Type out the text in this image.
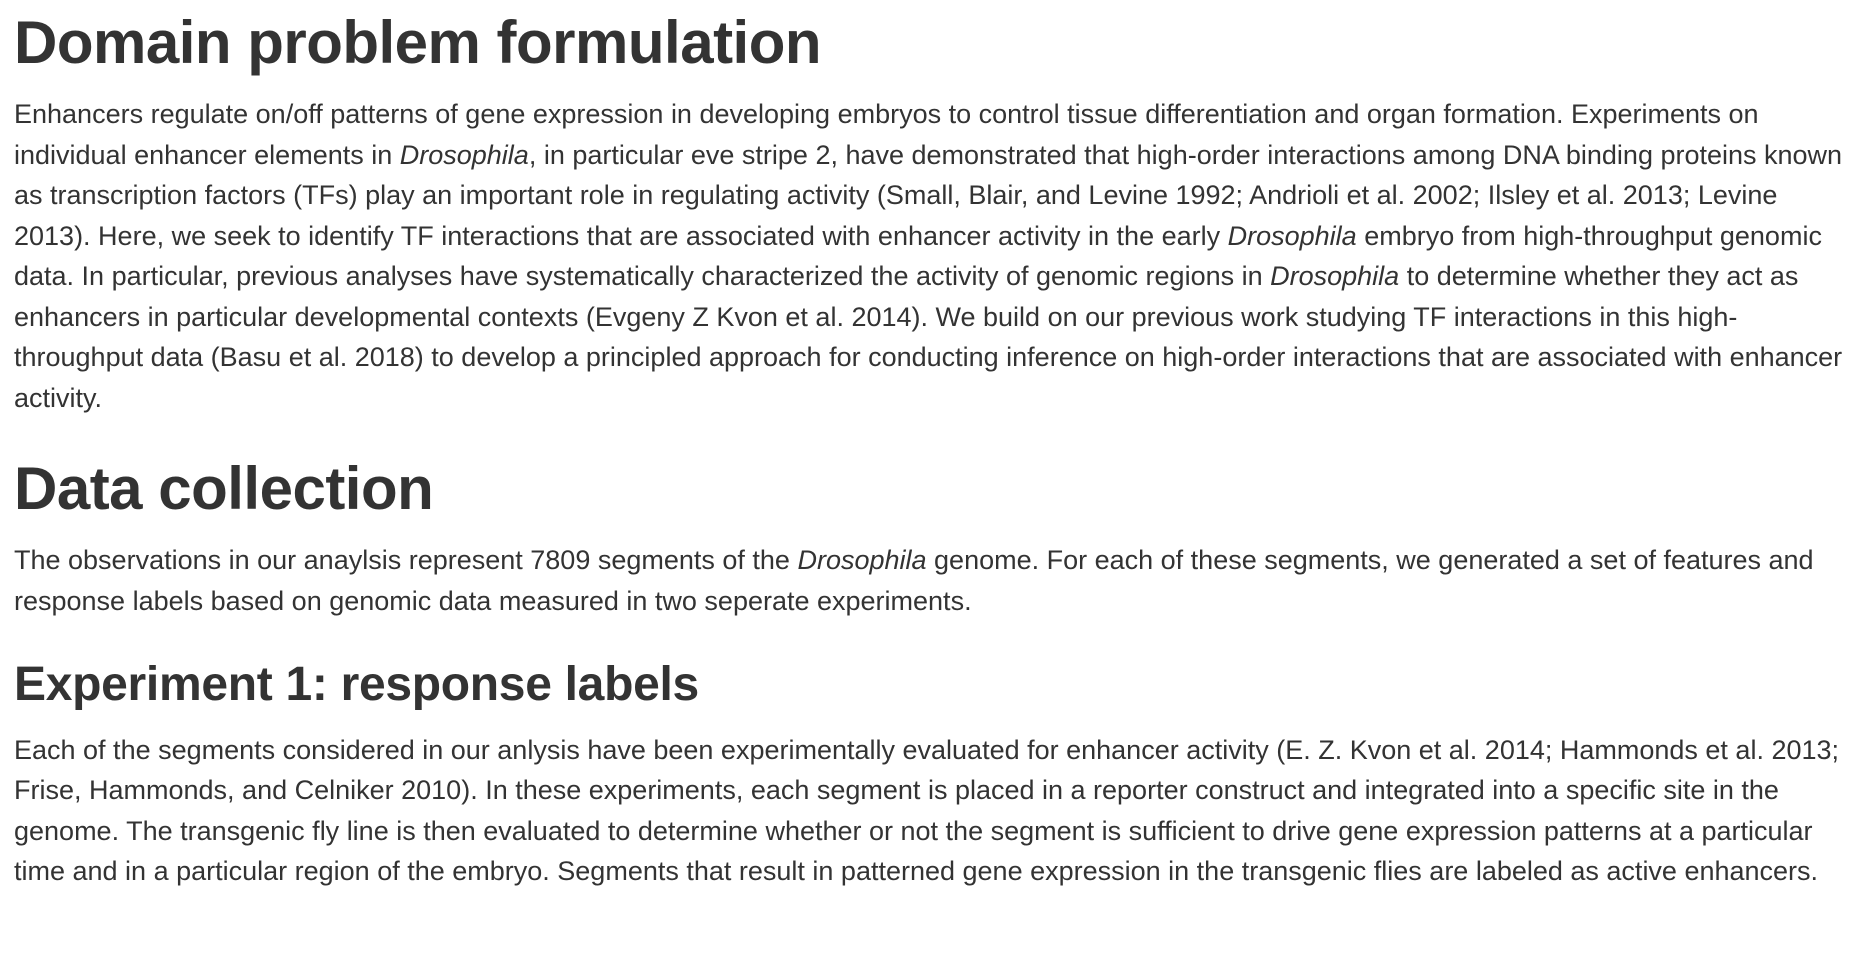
Domain problem formulation

Enhancers regulate on/off patterns of gene expression in developing embryos to control tissue differentiation and organ formation. Experiments on individual enhancer elements in Drosophila, in particular eve stripe 2, have demonstrated that high-order interactions among DNA binding proteins known as transcription factors (TFs) play an important role in regulating activity (Small, Blair, and Levine 1992; Andrioli et al. 2002; Ilsley et al. 2013; Levine 2013). Here, we seek to identify TF interactions that are associated with enhancer activity in the early Drosophila embryo from high-throughput genomic data. In particular, previous analyses have systematically characterized the activity of genomic regions in Drosophila to determine whether they act as enhancers in particular developmental contexts (Evgeny Z Kvon et al. 2014). We build on our previous work studying TF interactions in this high-throughput data (Basu et al. 2018) to develop a principled approach for conducting inference on high-order interactions that are associated with enhancer activity.

Data collection

The observations in our anaylsis represent 7809 segments of the Drosophila genome. For each of these segments, we generated a set of features and response labels based on genomic data measured in two seperate experiments.

Experiment 1: response labels

Each of the segments considered in our anlysis have been experimentally evaluated for enhancer activity (E. Z. Kvon et al. 2014; Hammonds et al. 2013; Frise, Hammonds, and Celniker 2010). In these experiments, each segment is placed in a reporter construct and integrated into a specific site in the genome. The transgenic fly line is then evaluated to determine whether or not the segment is sufficient to drive gene expression patterns at a particular time and in a particular region of the embryo. Segments that result in patterned gene expression in the transgenic flies are labeled as active enhancers.
